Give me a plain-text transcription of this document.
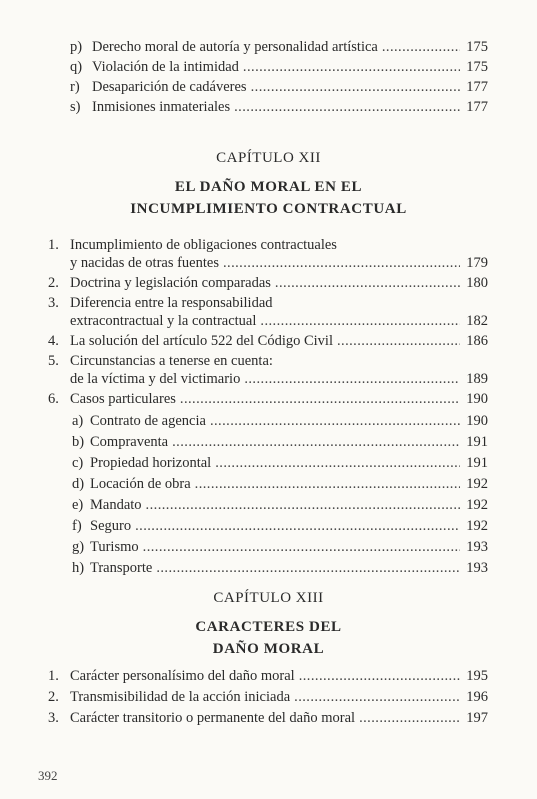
p) Derecho moral de autoría y personalidad artística . . .	175
q) Violación de la intimidad . . .	175
r) Desaparición de cadáveres . . .	177
s) Inmisiones inmateriales . . .	177
CAPÍTULO XII
EL DAÑO MORAL EN EL
INCUMPLIMIENTO CONTRACTUAL
1. Incumplimiento de obligaciones contractuales
y nacidas de otras fuentes . . .	179
2. Doctrina y legislación comparadas . . .	180
3. Diferencia entre la responsabilidad
extracontractual y la contractual . . .	182
4. La solución del artículo 522 del Código Civil . . .	186
5. Circunstancias a tenerse en cuenta:
de la víctima y del victimario . . .	189
6. Casos particulares . . .	190
a) Contrato de agencia . . .	190
b) Compraventa . . .	191
c) Propiedad horizontal . . .	191
d) Locación de obra . . .	192
e) Mandato . . .	192
f) Seguro . . .	192
g) Turismo . . .	193
h) Transporte . . .	193
CAPÍTULO XIII
CARACTERES DEL
DAÑO MORAL
1. Carácter personalísimo del daño moral . . .	195
2. Transmisibilidad de la acción iniciada . . .	196
3. Carácter transitorio o permanente del daño moral . . .	197
392
